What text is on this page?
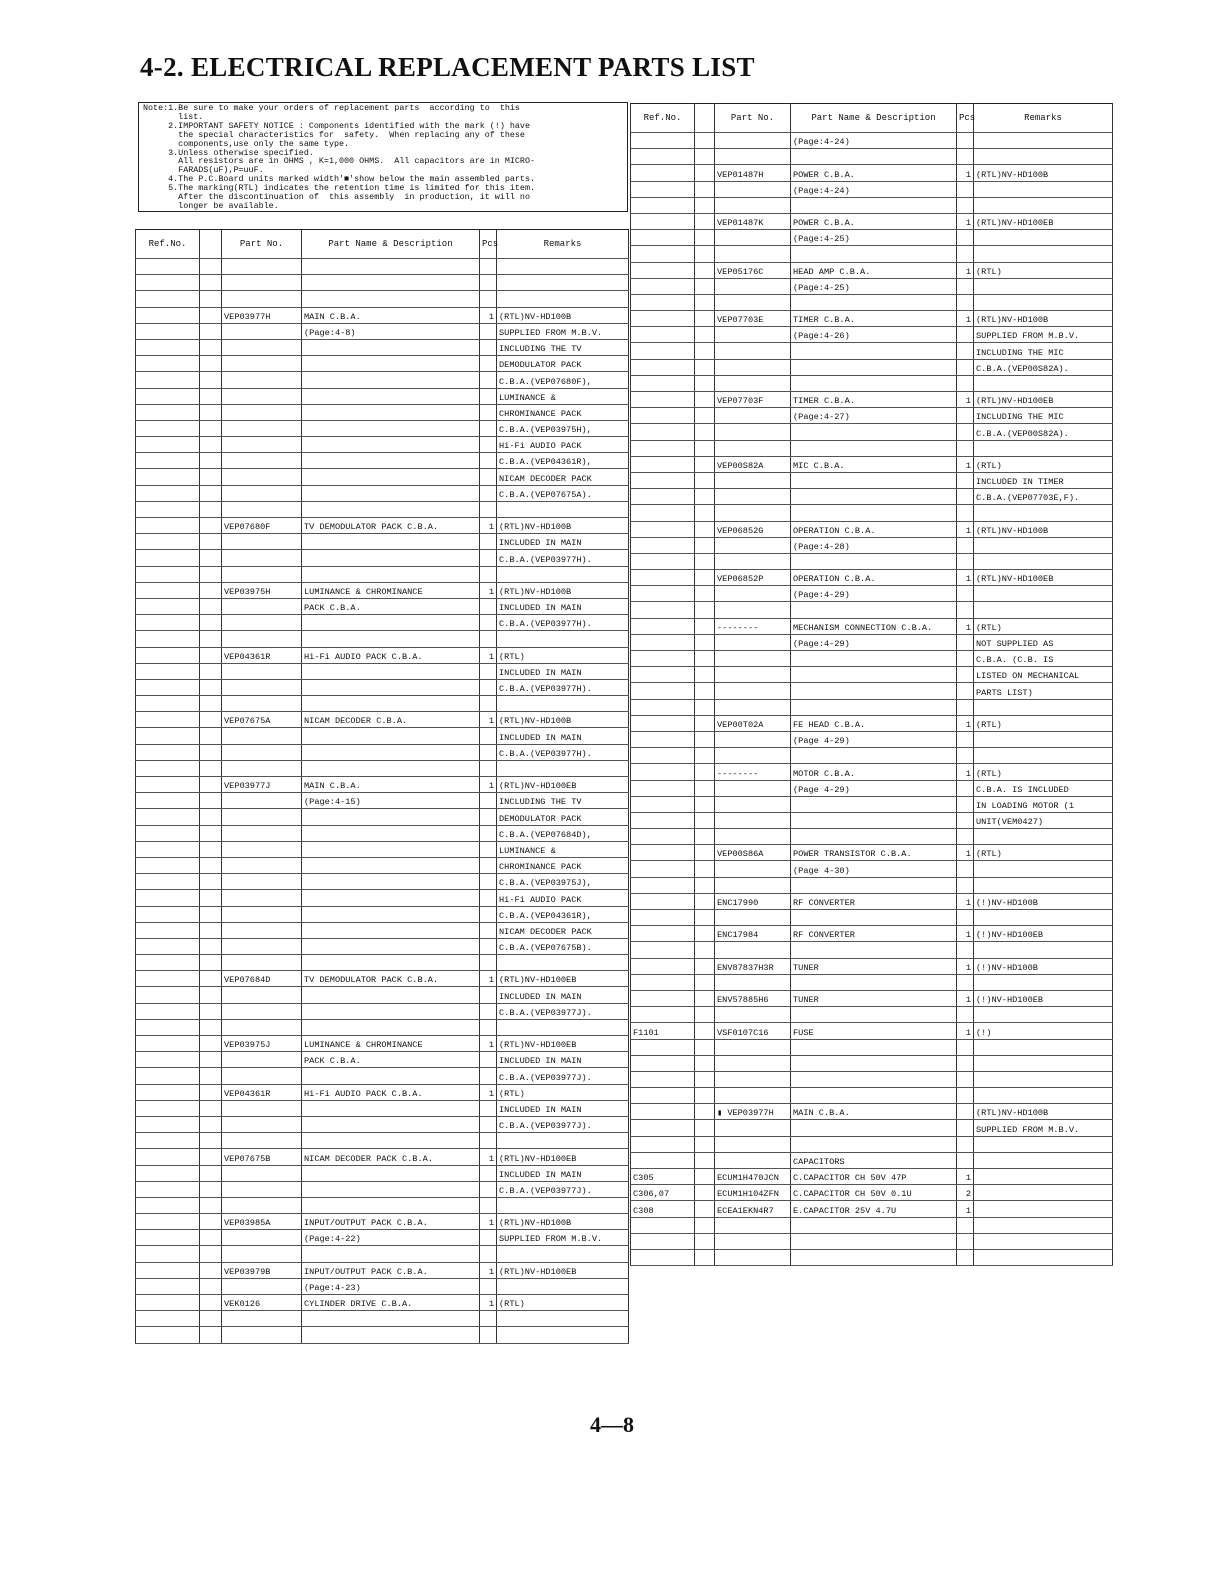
4-2. ELECTRICAL REPLACEMENT PARTS LIST
Note:1.Be sure to make your orders of replacement parts  according to  this
list.
2.IMPORTANT SAFETY NOTICE : Components identified with the mark (!) have
the special characteristics for  safety.  When replacing any of these
components,use only the same type.
3.Unless otherwise specified.
All resistors are in OHMS , K=1,000 OHMS.  All capacitors are in MICRO-
FARADS(uF),P=uuF.
4.The P.C.Board units marked width'■'show below the main assembled parts.
5.The marking(RTL) indicates the retention time is limited for this item.
After the discontinuation of  this assembly  in production, it will no
longer be available.
Ref.No.		Part No.	Part Name & Description	Pcs	Remarks

		VEP03977H	MAIN C.B.A.	1	(RTL)NV-HD100B
			(Page:4-8)		SUPPLIED FROM M.B.V.
					INCLUDING THE TV
					DEMODULATOR PACK
					C.B.A.(VEP07680F),
					LUMINANCE &
					CHROMINANCE PACK
					C.B.A.(VEP03975H),
					Hi-Fi AUDIO PACK
					C.B.A.(VEP04361R),
					NICAM DECODER PACK
					C.B.A.(VEP07675A).

		VEP07680F	TV DEMODULATOR PACK C.B.A.	1	(RTL)NV-HD100B
					INCLUDED IN MAIN
					C.B.A.(VEP03977H).

		VEP03975H	LUMINANCE & CHROMINANCE	1	(RTL)NV-HD100B
			PACK C.B.A.		INCLUDED IN MAIN
					C.B.A.(VEP03977H).

		VEP04361R	Hi-Fi AUDIO PACK C.B.A.	1	(RTL)
					INCLUDED IN MAIN
					C.B.A.(VEP03977H).

		VEP07675A	NICAM DECODER C.B.A.	1	(RTL)NV-HD100B
					INCLUDED IN MAIN
					C.B.A.(VEP03977H).

		VEP03977J	MAIN C.B.A.	1	(RTL)NV-HD100EB
			(Page:4-15)		INCLUDING THE TV
					DEMODULATOR PACK
					C.B.A.(VEP07684D),
					LUMINANCE &
					CHROMINANCE PACK
					C.B.A.(VEP03975J),
					Hi-Fi AUDIO PACK
					C.B.A.(VEP04361R),
					NICAM DECODER PACK
					C.B.A.(VEP07675B).

		VEP07684D	TV DEMODULATOR PACK C.B.A.	1	(RTL)NV-HD100EB
					INCLUDED IN MAIN
					C.B.A.(VEP03977J).

		VEP03975J	LUMINANCE & CHROMINANCE	1	(RTL)NV-HD100EB
			PACK C.B.A.		INCLUDED IN MAIN
					C.B.A.(VEP03977J).
		VEP04361R	Hi-Fi AUDIO PACK C.B.A.	1	(RTL)
					INCLUDED IN MAIN
					C.B.A.(VEP03977J).

		VEP07675B	NICAM DECODER PACK C.B.A.	1	(RTL)NV-HD100EB
					INCLUDED IN MAIN
					C.B.A.(VEP03977J).

		VEP03985A	INPUT/OUTPUT PACK C.B.A.	1	(RTL)NV-HD100B
			(Page:4-22)		SUPPLIED FROM M.B.V.

		VEP03979B	INPUT/OUTPUT PACK C.B.A.	1	(RTL)NV-HD100EB
			(Page:4-23)		
		VEK0126	CYLINDER DRIVE C.B.A.	1	(RTL)

Ref.No.		Part No.	Part Name & Description	Pcs	Remarks
			(Page:4-24)		

		VEP01487H	POWER C.B.A.	1	(RTL)NV-HD100B
			(Page:4-24)		

		VEP01487K	POWER C.B.A.	1	(RTL)NV-HD100EB
			(Page:4-25)		

		VEP05176C	HEAD AMP C.B.A.	1	(RTL)
			(Page:4-25)		

		VEP07703E	TIMER C.B.A.	1	(RTL)NV-HD100B
			(Page:4-26)		SUPPLIED FROM M.B.V.
					INCLUDING THE MIC
					C.B.A.(VEP00S82A).

		VEP07703F	TIMER C.B.A.	1	(RTL)NV-HD100EB
			(Page:4-27)		INCLUDING THE MIC
					C.B.A.(VEP00S82A).

		VEP00S82A	MIC C.B.A.	1	(RTL)
					INCLUDED IN TIMER
					C.B.A.(VEP07703E,F).

		VEP06852G	OPERATION C.B.A.	1	(RTL)NV-HD100B
			(Page:4-28)		

		VEP06852P	OPERATION C.B.A.	1	(RTL)NV-HD100EB
			(Page:4-29)		

		--------	MECHANISM CONNECTION C.B.A.	1	(RTL)
			(Page:4-29)		NOT SUPPLIED AS
					C.B.A. (C.B. IS
					LISTED ON MECHANICAL
					PARTS LIST)

		VEP00T02A	FE HEAD C.B.A.	1	(RTL)
			(Page 4-29)		

		--------	MOTOR C.B.A.	1	(RTL)
			(Page 4-29)		C.B.A. IS INCLUDED
					IN LOADING MOTOR (1
					UNIT(VEM0427)

		VEP00S86A	POWER TRANSISTOR C.B.A.	1	(RTL)
			(Page 4-30)		

		ENC17990	RF CONVERTER	1	(!)NV-HD100B

		ENC17984	RF CONVERTER	1	(!)NV-HD100EB

		ENV87837H3R	TUNER	1	(!)NV-HD100B

		ENV57885H6	TUNER	1	(!)NV-HD100EB

F1101		VSF0107C16	FUSE	1	(!)

		▮ VEP03977H	MAIN C.B.A.		(RTL)NV-HD100B
					SUPPLIED FROM M.B.V.

			CAPACITORS		
C305		ECUM1H470JCN	C.CAPACITOR CH 50V 47P	1	
C306,07		ECUM1H104ZFN	C.CAPACITOR CH 50V 0.1U	2	
C308		ECEA1EKN4R7	E.CAPACITOR 25V 4.7U	1	

4—8
